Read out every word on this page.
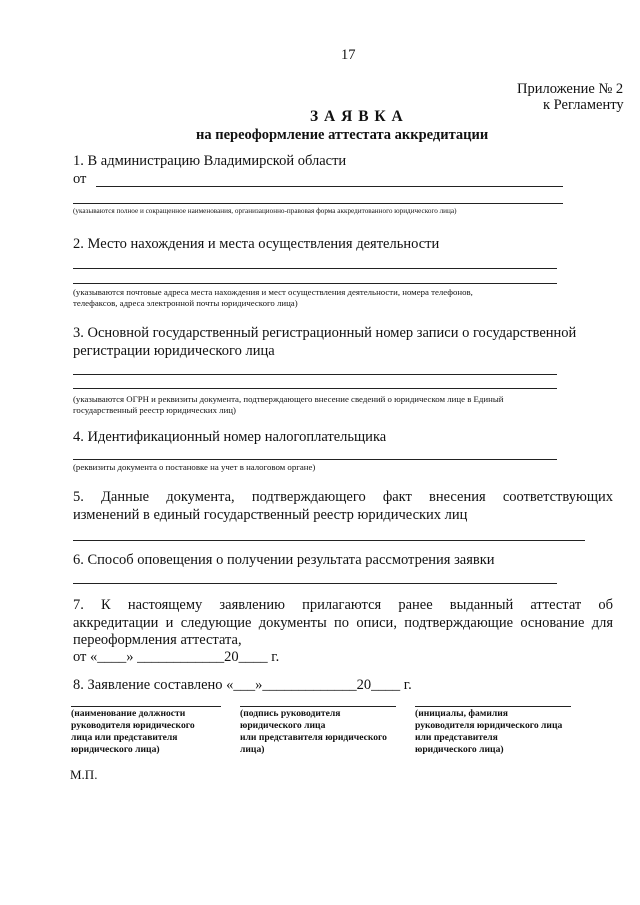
17
Приложение № 2
к Регламенту
З А Я В К А
на переоформление аттестата аккредитации
1. В администрацию Владимирской области
от
(указываются полное и сокращенное наименования, организационно-правовая форма аккредитованного юридического лица)
2. Место нахождения и места осуществления деятельности
(указываются почтовые адреса места нахождения и мест осуществления деятельности, номера телефонов,
телефаксов, адреса электронной почты юридического лица)
3. Основной государственный регистрационный номер записи о государственной
регистрации юридического лица
(указываются ОГРН и реквизиты документа, подтверждающего внесение сведений о юридическом лице в Единый
государственный реестр юридических лиц)
4. Идентификационный номер налогоплательщика
(реквизиты документа о постановке на учет в налоговом органе)
5. Данные документа, подтверждающего факт внесения соответствующих
изменений в единый государственный реестр юридических лиц
6. Способ оповещения о получении результата рассмотрения заявки
7. К настоящему заявлению прилагаются ранее выданный аттестат об
аккредитации и следующие документы по описи, подтверждающие основание для
переоформления аттестата,
от «____» ____________20____ г.
8. Заявление составлено «___»_____________20____ г.
(наименование должности
руководителя юридического
лица или представителя
юридического лица)
(подпись руководителя
юридического лица
или представителя юридического
лица)
(инициалы, фамилия
руководителя юридического лица
или представителя
юридического лица)
М.П.
